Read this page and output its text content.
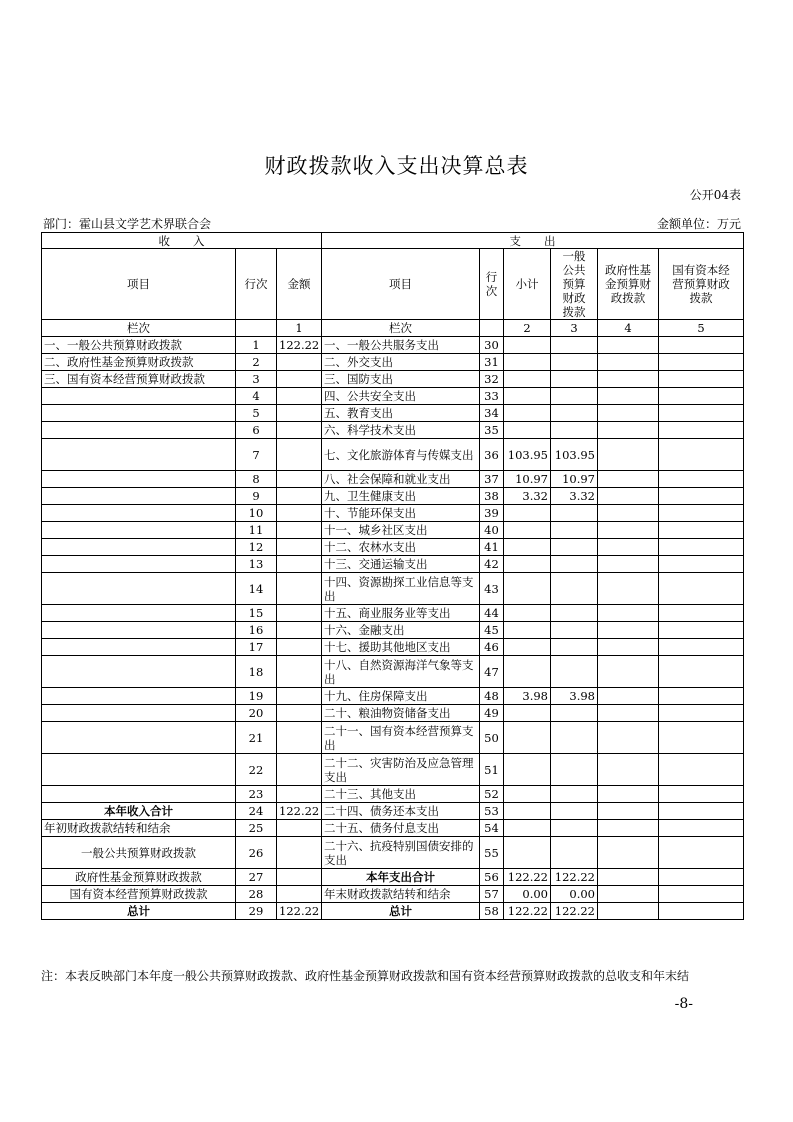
财政拨款收入支出决算总表
公开04表
部门：霍山县文学艺术界联合会	金额单位：万元
收　　入			支　　出					
项目	行次	金额	项目	行次	小计	一般公共预算财政拨款	政府性基金预算财政拨款	国有资本经营预算财政拨款
栏次		1	栏次		2	3	4	5
一、一般公共预算财政拨款	1	122.22	一、一般公共服务支出	30				
二、政府性基金预算财政拨款	2		二、外交支出	31				
三、国有资本经营预算财政拨款	3		三、国防支出	32				
	4		四、公共安全支出	33				
	5		五、教育支出	34				
	6		六、科学技术支出	35				
	7		七、文化旅游体育与传媒支出	36	103.95	103.95		
	8		八、社会保障和就业支出	37	10.97	10.97		
	9		九、卫生健康支出	38	3.32	3.32		
	10		十、节能环保支出	39				
	11		十一、城乡社区支出	40				
	12		十二、农林水支出	41				
	13		十三、交通运输支出	42				
	14		十四、资源勘探工业信息等支出	43				
	15		十五、商业服务业等支出	44				
	16		十六、金融支出	45				
	17		十七、援助其他地区支出	46				
	18		十八、自然资源海洋气象等支出	47				
	19		十九、住房保障支出	48	3.98	3.98		
	20		二十、粮油物资储备支出	49				
	21		二十一、国有资本经营预算支出	50				
	22		二十二、灾害防治及应急管理支出	51				
	23		二十三、其他支出	52				
本年收入合计	24	122.22	二十四、债务还本支出	53				
年初财政拨款结转和结余	25		二十五、债务付息支出	54				
一般公共预算财政拨款	26		二十六、抗疫特别国债安排的支出	55				
政府性基金预算财政拨款	27		本年支出合计	56	122.22	122.22		
国有资本经营预算财政拨款	28		年末财政拨款结转和结余	57	0.00	0.00		
总计	29	122.22	总计	58	122.22	122.22		
注：本表反映部门本年度一般公共预算财政拨款、政府性基金预算财政拨款和国有资本经营预算财政拨款的总收支和年末结
-8-
